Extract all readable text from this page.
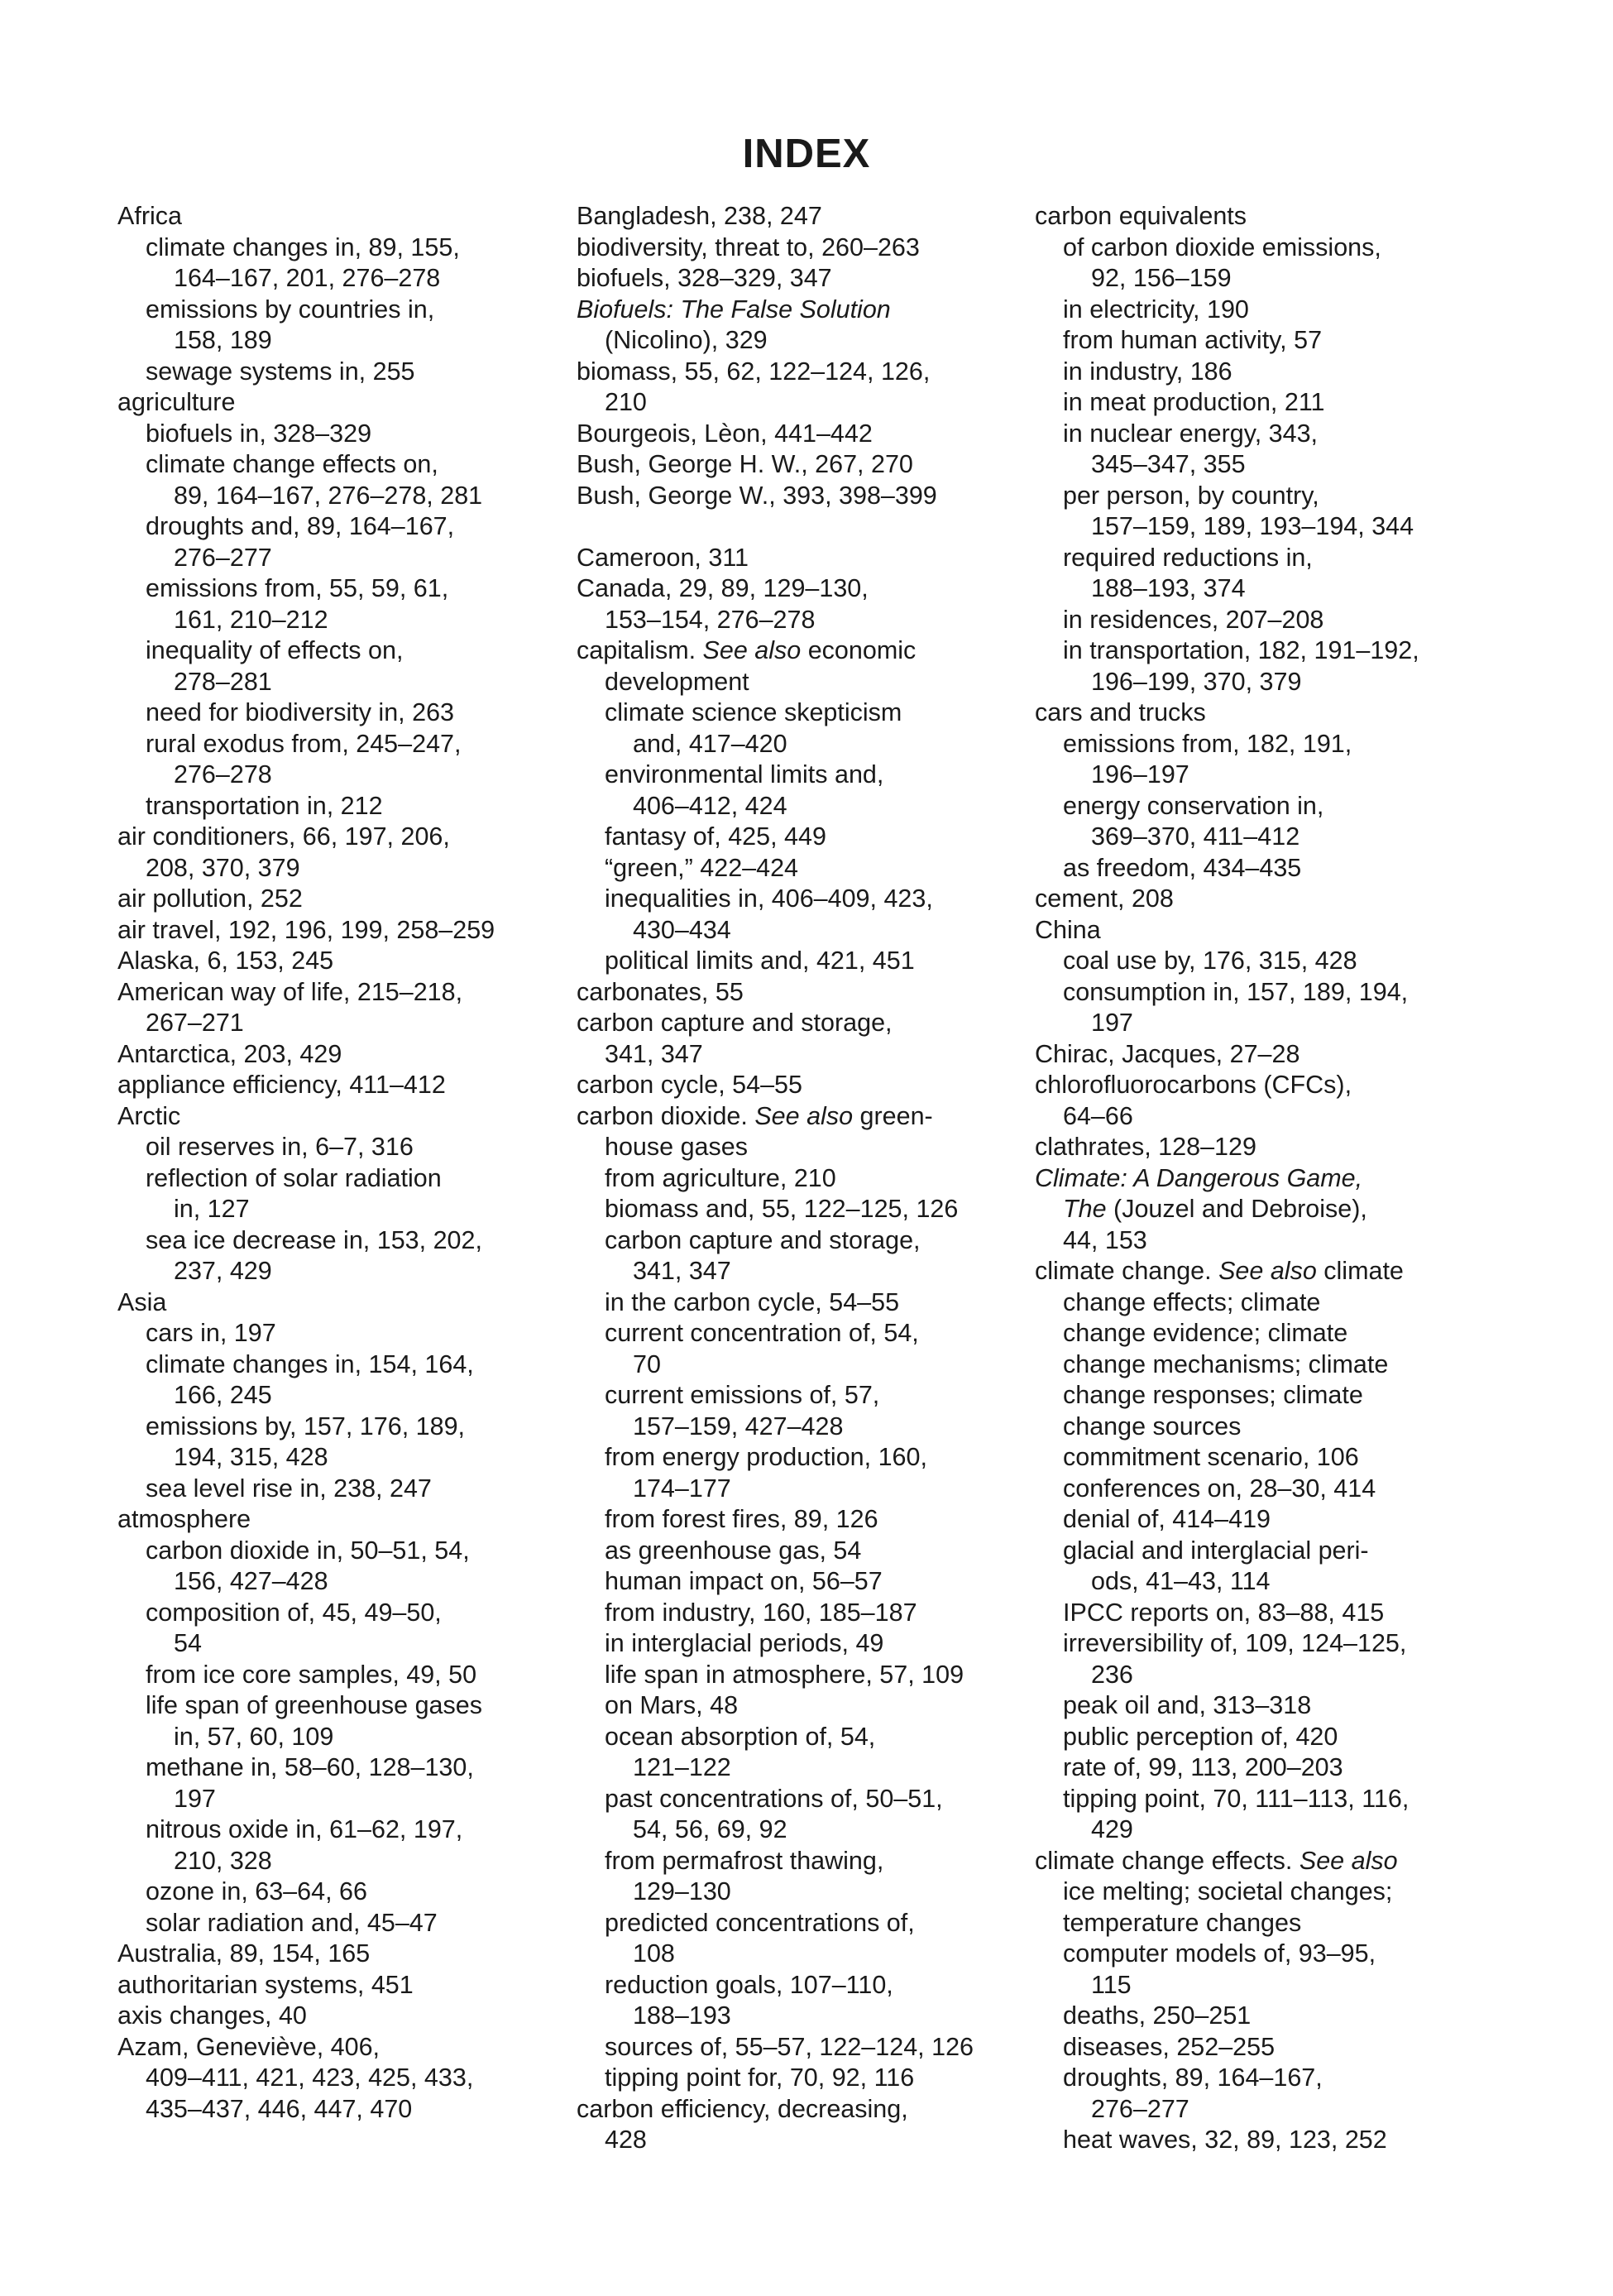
INDEX
Africa
climate changes in, 89, 155,
164–167, 201, 276–278
emissions by countries in,
158, 189
sewage systems in, 255
agriculture
biofuels in, 328–329
climate change effects on,
89, 164–167, 276–278, 281
droughts and, 89, 164–167,
276–277
emissions from, 55, 59, 61,
161, 210–212
inequality of effects on,
278–281
need for biodiversity in, 263
rural exodus from, 245–247,
276–278
transportation in, 212
air conditioners, 66, 197, 206,
208, 370, 379
air pollution, 252
air travel, 192, 196, 199, 258–259
Alaska, 6, 153, 245
American way of life, 215–218,
267–271
Antarctica, 203, 429
appliance efficiency, 411–412
Arctic
oil reserves in, 6–7, 316
reflection of solar radiation
in, 127
sea ice decrease in, 153, 202,
237, 429
Asia
cars in, 197
climate changes in, 154, 164,
166, 245
emissions by, 157, 176, 189,
194, 315, 428
sea level rise in, 238, 247
atmosphere
carbon dioxide in, 50–51, 54,
156, 427–428
composition of, 45, 49–50,
54
from ice core samples, 49, 50
life span of greenhouse gases
in, 57, 60, 109
methane in, 58–60, 128–130,
197
nitrous oxide in, 61–62, 197,
210, 328
ozone in, 63–64, 66
solar radiation and, 45–47
Australia, 89, 154, 165
authoritarian systems, 451
axis changes, 40
Azam, Geneviève, 406,
409–411, 421, 423, 425, 433,
435–437, 446, 447, 470
Bangladesh, 238, 247
biodiversity, threat to, 260–263
biofuels, 328–329, 347
Biofuels: The False Solution
(Nicolino), 329
biomass, 55, 62, 122–124, 126,
210
Bourgeois, Lèon, 441–442
Bush, George H. W., 267, 270
Bush, George W., 393, 398–399
Cameroon, 311
Canada, 29, 89, 129–130,
153–154, 276–278
capitalism. See also economic
development
climate science skepticism
and, 417–420
environmental limits and,
406–412, 424
fantasy of, 425, 449
“green,” 422–424
inequalities in, 406–409, 423,
430–434
political limits and, 421, 451
carbonates, 55
carbon capture and storage,
341, 347
carbon cycle, 54–55
carbon dioxide. See also green-
house gases
from agriculture, 210
biomass and, 55, 122–125, 126
carbon capture and storage,
341, 347
in the carbon cycle, 54–55
current concentration of, 54,
70
current emissions of, 57,
157–159, 427–428
from energy production, 160,
174–177
from forest fires, 89, 126
as greenhouse gas, 54
human impact on, 56–57
from industry, 160, 185–187
in interglacial periods, 49
life span in atmosphere, 57, 109
on Mars, 48
ocean absorption of, 54,
121–122
past concentrations of, 50–51,
54, 56, 69, 92
from permafrost thawing,
129–130
predicted concentrations of,
108
reduction goals, 107–110,
188–193
sources of, 55–57, 122–124, 126
tipping point for, 70, 92, 116
carbon efficiency, decreasing,
428
carbon equivalents
of carbon dioxide emissions,
92, 156–159
in electricity, 190
from human activity, 57
in industry, 186
in meat production, 211
in nuclear energy, 343,
345–347, 355
per person, by country,
157–159, 189, 193–194, 344
required reductions in,
188–193, 374
in residences, 207–208
in transportation, 182, 191–192,
196–199, 370, 379
cars and trucks
emissions from, 182, 191,
196–197
energy conservation in,
369–370, 411–412
as freedom, 434–435
cement, 208
China
coal use by, 176, 315, 428
consumption in, 157, 189, 194,
197
Chirac, Jacques, 27–28
chlorofluorocarbons (CFCs),
64–66
clathrates, 128–129
Climate: A Dangerous Game,
The (Jouzel and Debroise),
44, 153
climate change. See also climate
change effects; climate
change evidence; climate
change mechanisms; climate
change responses; climate
change sources
commitment scenario, 106
conferences on, 28–30, 414
denial of, 414–419
glacial and interglacial peri-
ods, 41–43, 114
IPCC reports on, 83–88, 415
irreversibility of, 109, 124–125,
236
peak oil and, 313–318
public perception of, 420
rate of, 99, 113, 200–203
tipping point, 70, 111–113, 116,
429
climate change effects. See also
ice melting; societal changes;
temperature changes
computer models of, 93–95,
115
deaths, 250–251
diseases, 252–255
droughts, 89, 164–167,
276–277
heat waves, 32, 89, 123, 252
